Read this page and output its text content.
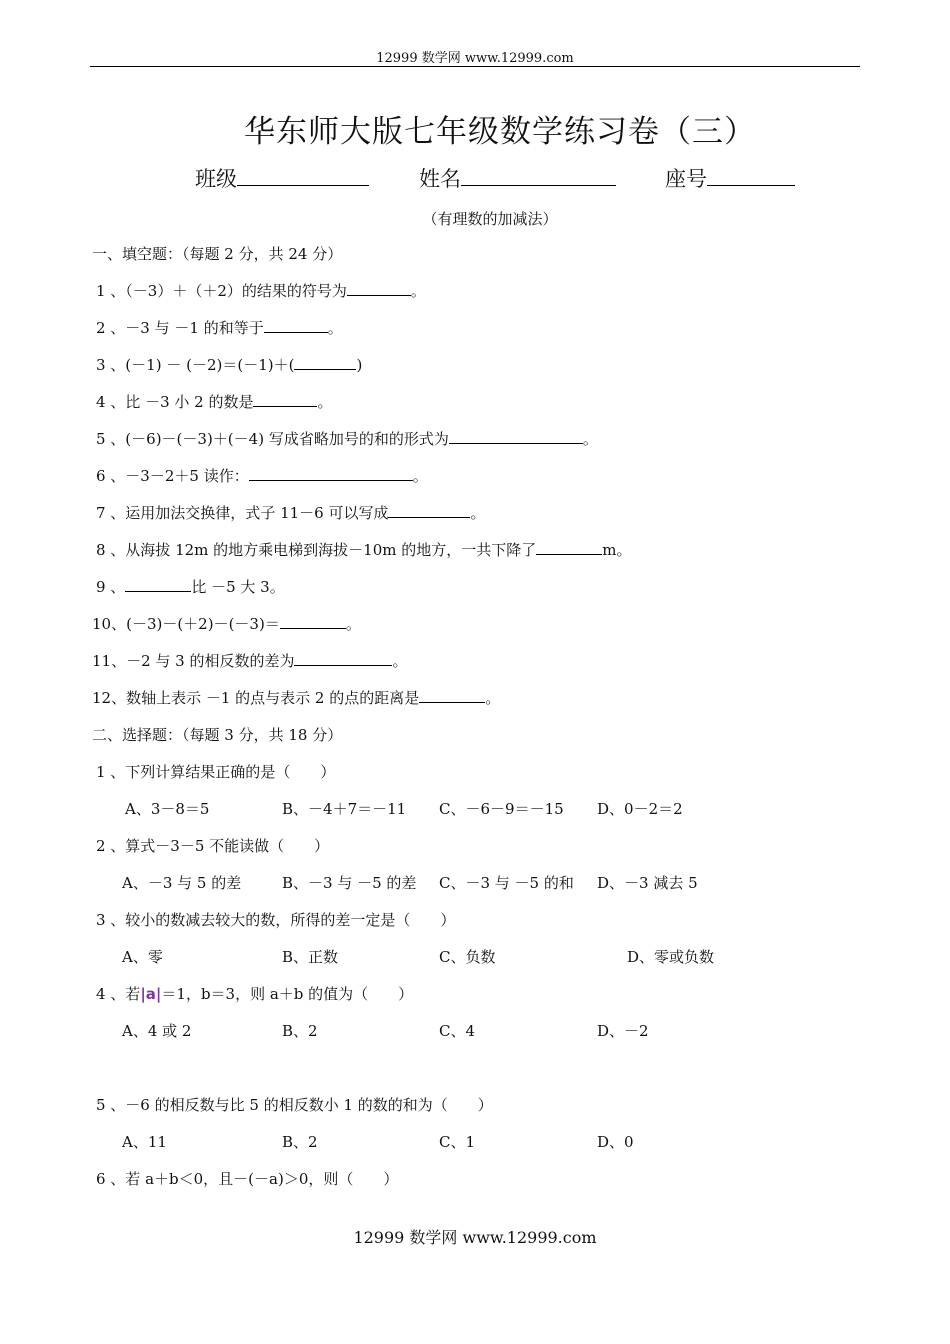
12999 数学网 www.12999.com
华东师大版七年级数学练习卷（三）
班级	姓名	座号
（有理数的加减法）
一、填空题：（每题 2 分，共 24 分）
1 、（－3）＋（＋2）的结果的符号为	。
2 、－3 与 －1 的和等于	。
3 、(－1) － (－2)＝(－1)＋(	)
4 、比 －3 小 2 的数是	。
5 、(－6)－(－3)＋(－4) 写成省略加号的和的形式为	。
6 、－3－2＋5 读作：	。
7 、运用加法交换律，式子 11－6 可以写成	。
8 、从海拔 12m 的地方乘电梯到海拔－10m 的地方，一共下降了	m。
9 、	比 －5 大 3。
10、(－3)－(＋2)－(－3)＝	。
11、－2 与 3 的相反数的差为	。
12、数轴上表示 －1 的点与表示 2 的点的距离是	。
二、选择题：（每题 3 分，共 18 分）
1 、下列计算结果正确的是（　　）
A、3－8＝5	B、－4＋7＝－11 C、－6－9＝－15 D、0－2＝2
2 、算式－3－5 不能读做（　　）
A、－3 与 5 的差	B、－3 与 －5 的差 C、－3 与 －5 的和 D、－3 减去 5
3 、较小的数减去较大的数，所得的差一定是（　　）
A、零	B、正数	C、负数	D、零或负数
4 、若|a|＝1，b＝3，则 a＋b 的值为（　　）
A、4 或 2	B、2	C、4	D、－2
5 、－6 的相反数与比 5 的相反数小 1 的数的和为（　　）
A、11	B、2	C、1	D、0
6 、若 a＋b＜0，且－(－a)＞0，则（　　）
12999 数学网 www.12999.com
